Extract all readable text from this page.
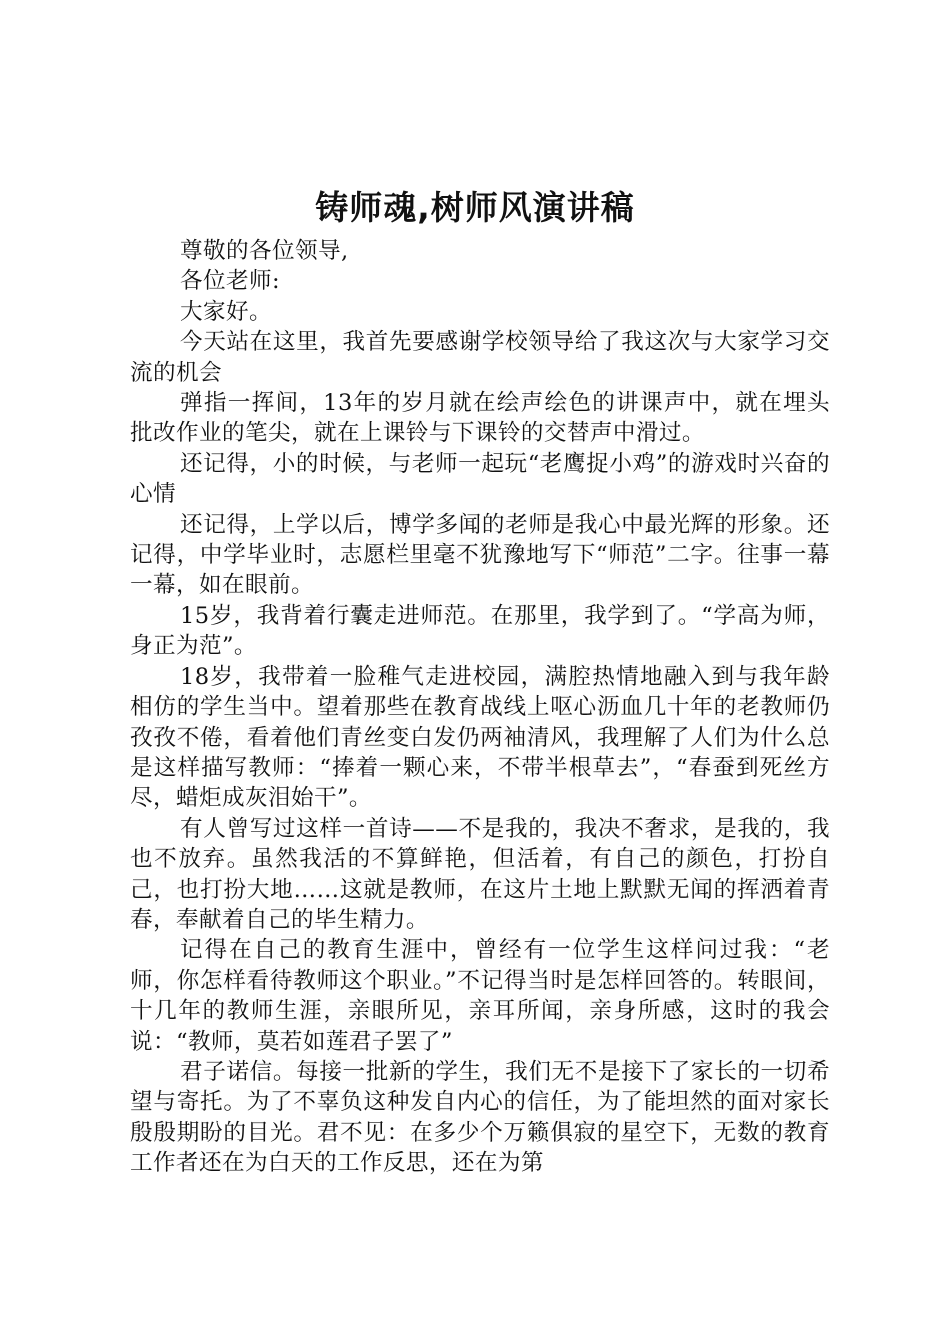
铸师魂,树师风演讲稿

尊敬的各位领导,

各位老师:

大家好。

今天站在这里，我首先要感谢学校领导给了我这次与大家学习交流的机会

弹指一挥间，13年的岁月就在绘声绘色的讲课声中，就在埋头批改作业的笔尖，就在上课铃与下课铃的交替声中滑过。

还记得，小的时候，与老师一起玩“老鹰捉小鸡”的游戏时兴奋的心情

还记得，上学以后，博学多闻的老师是我心中最光辉的形象。还记得，中学毕业时，志愿栏里毫不犹豫地写下“师范”二字。往事一幕一幕，如在眼前。

15岁，我背着行囊走进师范。在那里，我学到了。“学高为师，身正为范”。

18岁，我带着一脸稚气走进校园，满腔热情地融入到与我年龄相仿的学生当中。望着那些在教育战线上呕心沥血几十年的老教师仍孜孜不倦，看着他们青丝变白发仍两袖清风，我理解了人们为什么总是这样描写教师：“捧着一颗心来，不带半根草去”，“春蚕到死丝方尽，蜡炬成灰泪始干”。

有人曾写过这样一首诗——不是我的，我决不奢求，是我的，我也不放弃。虽然我活的不算鲜艳，但活着，有自己的颜色，打扮自己，也打扮大地……这就是教师，在这片土地上默默无闻的挥洒着青春，奉献着自己的毕生精力。

记得在自己的教育生涯中，曾经有一位学生这样问过我：“老师，你怎样看待教师这个职业。”不记得当时是怎样回答的。转眼间，十几年的教师生涯，亲眼所见，亲耳所闻，亲身所感，这时的我会说：“教师，莫若如莲君子罢了”

君子诺信。每接一批新的学生，我们无不是接下了家长的一切希望与寄托。为了不辜负这种发自内心的信任，为了能坦然的面对家长殷殷期盼的目光。君不见：在多少个万籁俱寂的星空下，无数的教育工作者还在为白天的工作反思，还在为第
